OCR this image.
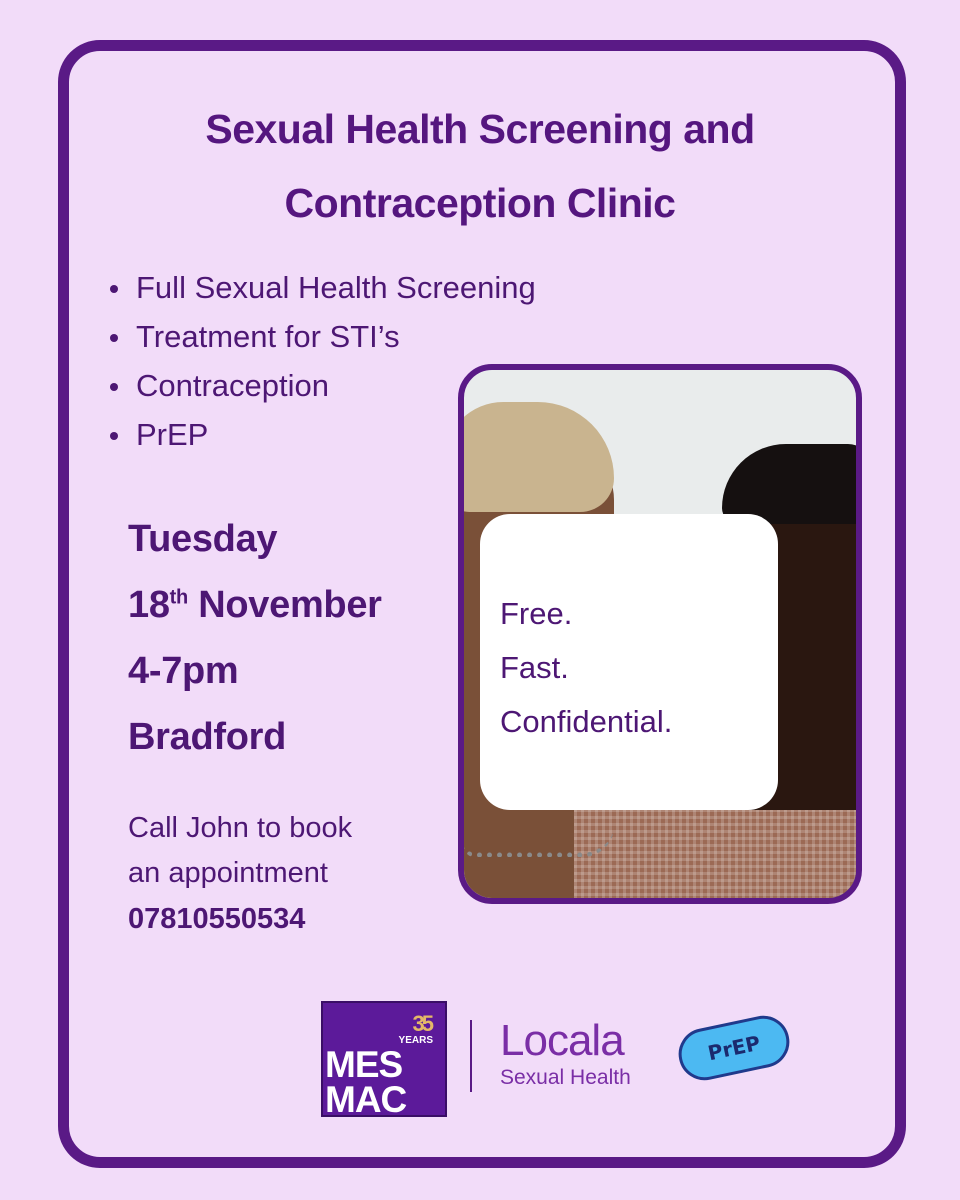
Sexual Health Screening and
Contraception Clinic
Full Sexual Health Screening
Treatment for STI’s
Contraception
PrEP

Tuesday

18th November

4-7pm

Bradford

Call John to book

an appointment

07810550534

Free.

Fast.

Confidential.

35
YEARS
MES
MAC

Locala

Sexual Health

PrEP
